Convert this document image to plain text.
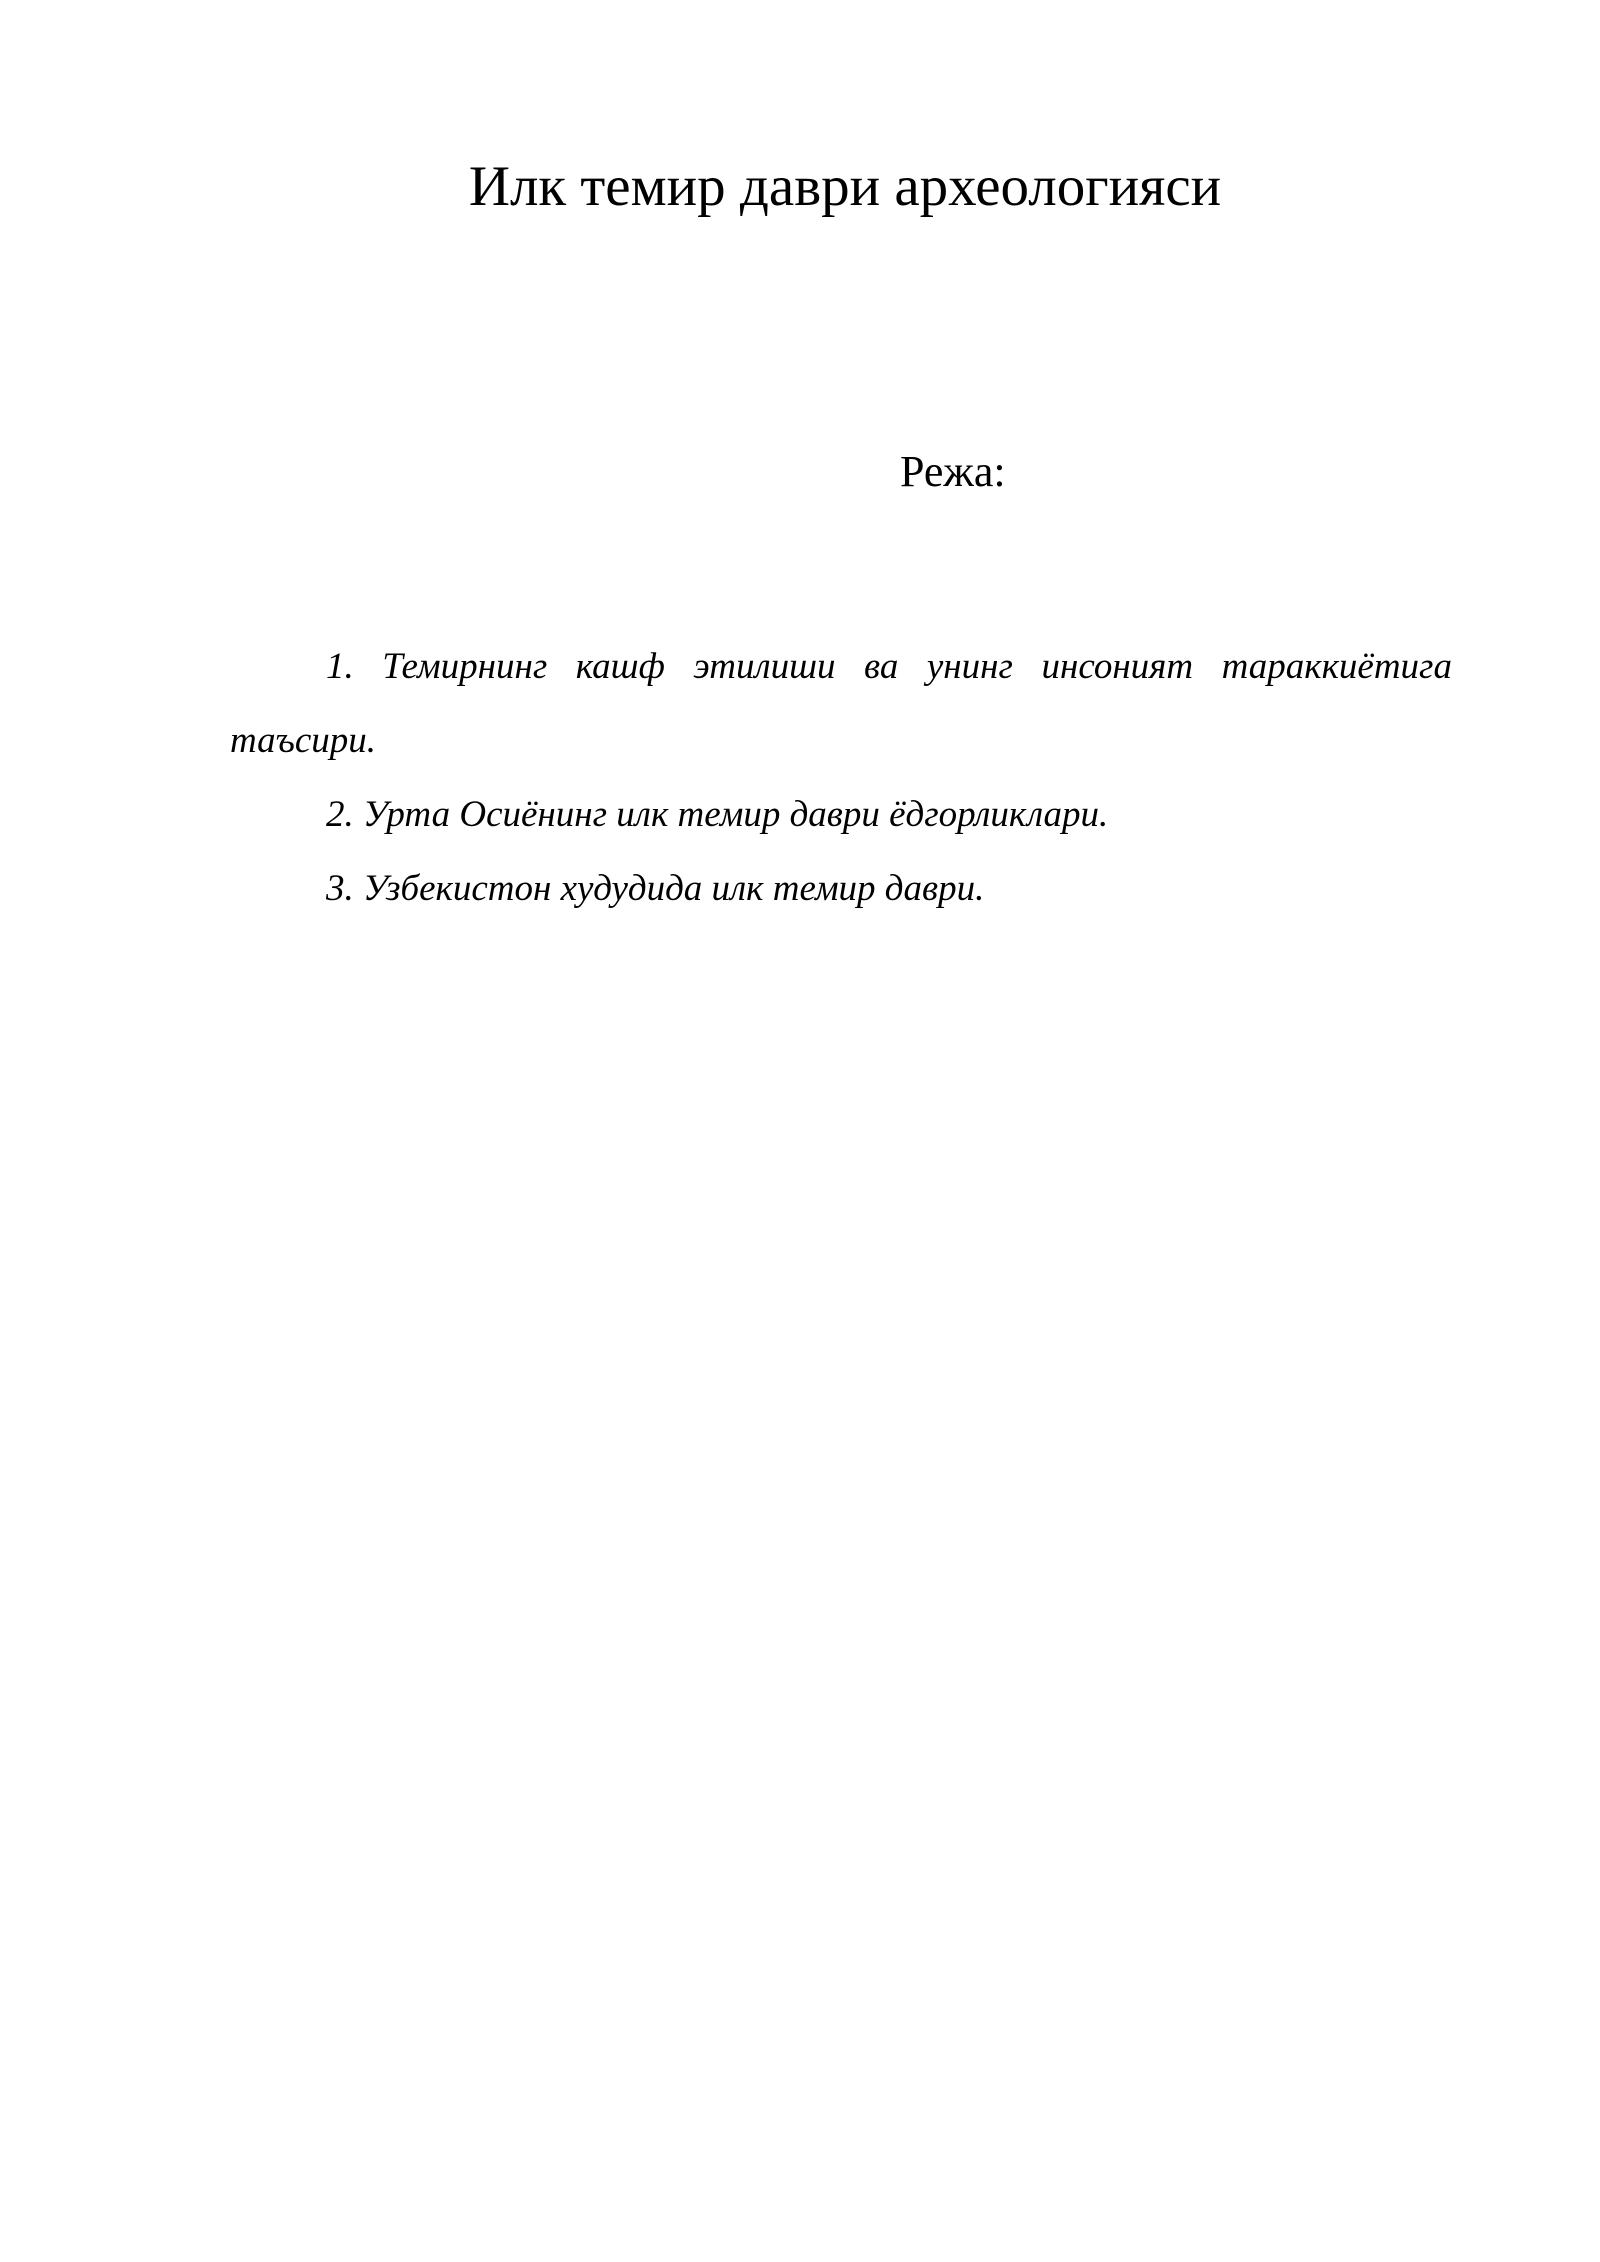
Илк темир даври археологияси

Режа:

1. Темирнинг кашф этилиши ва унинг инсоният тараккиётига таъсири.
2. Урта Осиёнинг илк темир даври ёдгорликлари.
3. Узбекистон худудида илк темир даври.
